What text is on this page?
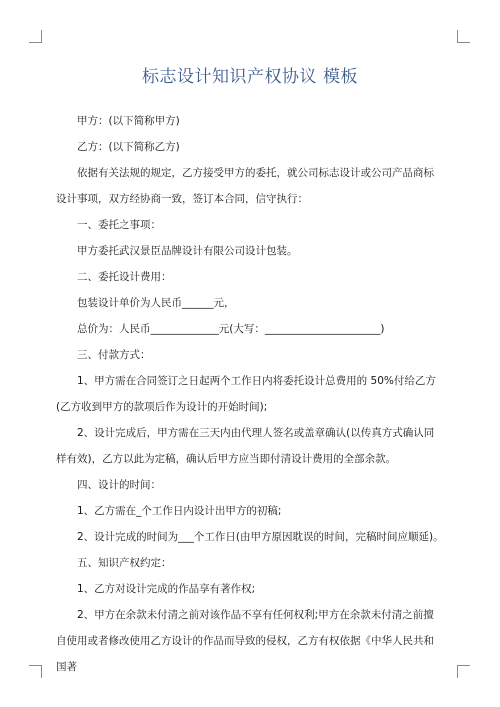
标志设计知识产权协议 模板

甲方：(以下简称甲方)

乙方：(以下简称乙方)

依据有关法规的规定，乙方接受甲方的委托，就公司标志设计或公司产品商标设计事项，双方经协商一致，签订本合同，信守执行：

一、委托之事项：

甲方委托武汉景臣品牌设计有限公司设计包装。

二、委托设计费用：

包装设计单价为人民币______元，

总价为：人民币_____________元(大写：______________________)

三、付款方式：

1、甲方需在合同签订之日起两个工作日内将委托设计总费用的 50%付给乙方(乙方收到甲方的款项后作为设计的开始时间);

2、设计完成后，甲方需在三天内由代理人签名或盖章确认(以传真方式确认同样有效)，乙方以此为定稿，确认后甲方应当即付清设计费用的全部余款。

四、设计的时间：

1、乙方需在_个工作日内设计出甲方的初稿;

2、设计完成的时间为___个工作日(由甲方原因耽误的时间，完稿时间应顺延)。

五、知识产权约定：

1、乙方对设计完成的作品享有著作权;

2、甲方在余款未付清之前对该作品不享有任何权利;甲方在余款未付清之前擅自使用或者修改使用乙方设计的作品而导致的侵权，乙方有权依据《中华人民共和国著
